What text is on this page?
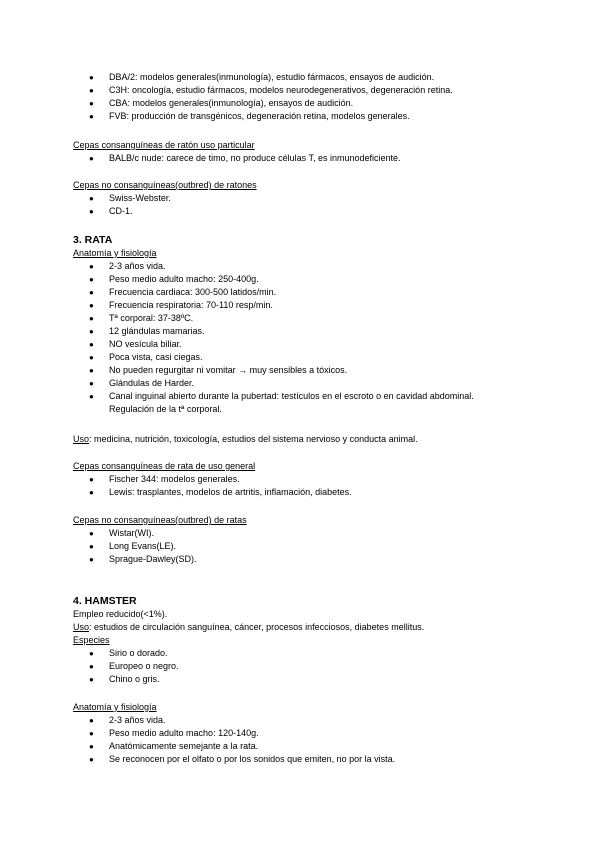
● DBA/2: modelos generales(inmunología), estudio fármacos, ensayos de audición.
● C3H: oncología, estudio fármacos, modelos neurodegenerativos, degeneración retina.
● CBA: modelos generales(inmunología), ensayos de audición.
● FVB: producción de transgénicos, degeneración retina, modelos generales.
Cepas consanguíneas de ratón uso particular
● BALB/c nude: carece de timo, no produce células T, es inmunodeficiente.
Cepas no consanguíneas(outbred) de ratones
● Swiss-Webster.
● CD-1.
3. RATA
Anatomía y fisiología
● 2-3 años vida.
● Peso medio adulto macho: 250-400g.
● Frecuencia cardiaca: 300-500 latidos/min.
● Frecuencia respiratoria: 70-110 resp/min.
● Tª corporal: 37-38ºC.
● 12 glándulas mamarias.
● NO vesícula biliar.
● Poca vista, casi ciegas.
● No pueden regurgitar ni vomitar → muy sensibles a tóxicos.
● Glándulas de Harder.
● Canal inguinal abierto durante la pubertad: testículos en el escroto o en cavidad abdominal.
Regulación de la tª corporal.
Uso: medicina, nutrición, toxicología, estudios del sistema nervioso y conducta animal.
Cepas consanguíneas de rata de uso general
● Fischer 344: modelos generales.
● Lewis: trasplantes, modelos de artritis, inflamación, diabetes.
Cepas no consanguíneas(outbred) de ratas
● Wistar(WI).
● Long Evans(LE).
● Sprague-Dawley(SD).
4. HAMSTER
Empleo reducido(<1%).
Uso: estudios de circulación sanguínea, cáncer, procesos infecciosos, diabetes mellitus.
Especies
● Sirio o dorado.
● Europeo o negro.
● Chino o gris.
Anatomía y fisiología
● 2-3 años vida.
● Peso medio adulto macho: 120-140g.
● Anatómicamente semejante a la rata.
● Se reconocen por el olfato o por los sonidos que emiten, no por la vista.
